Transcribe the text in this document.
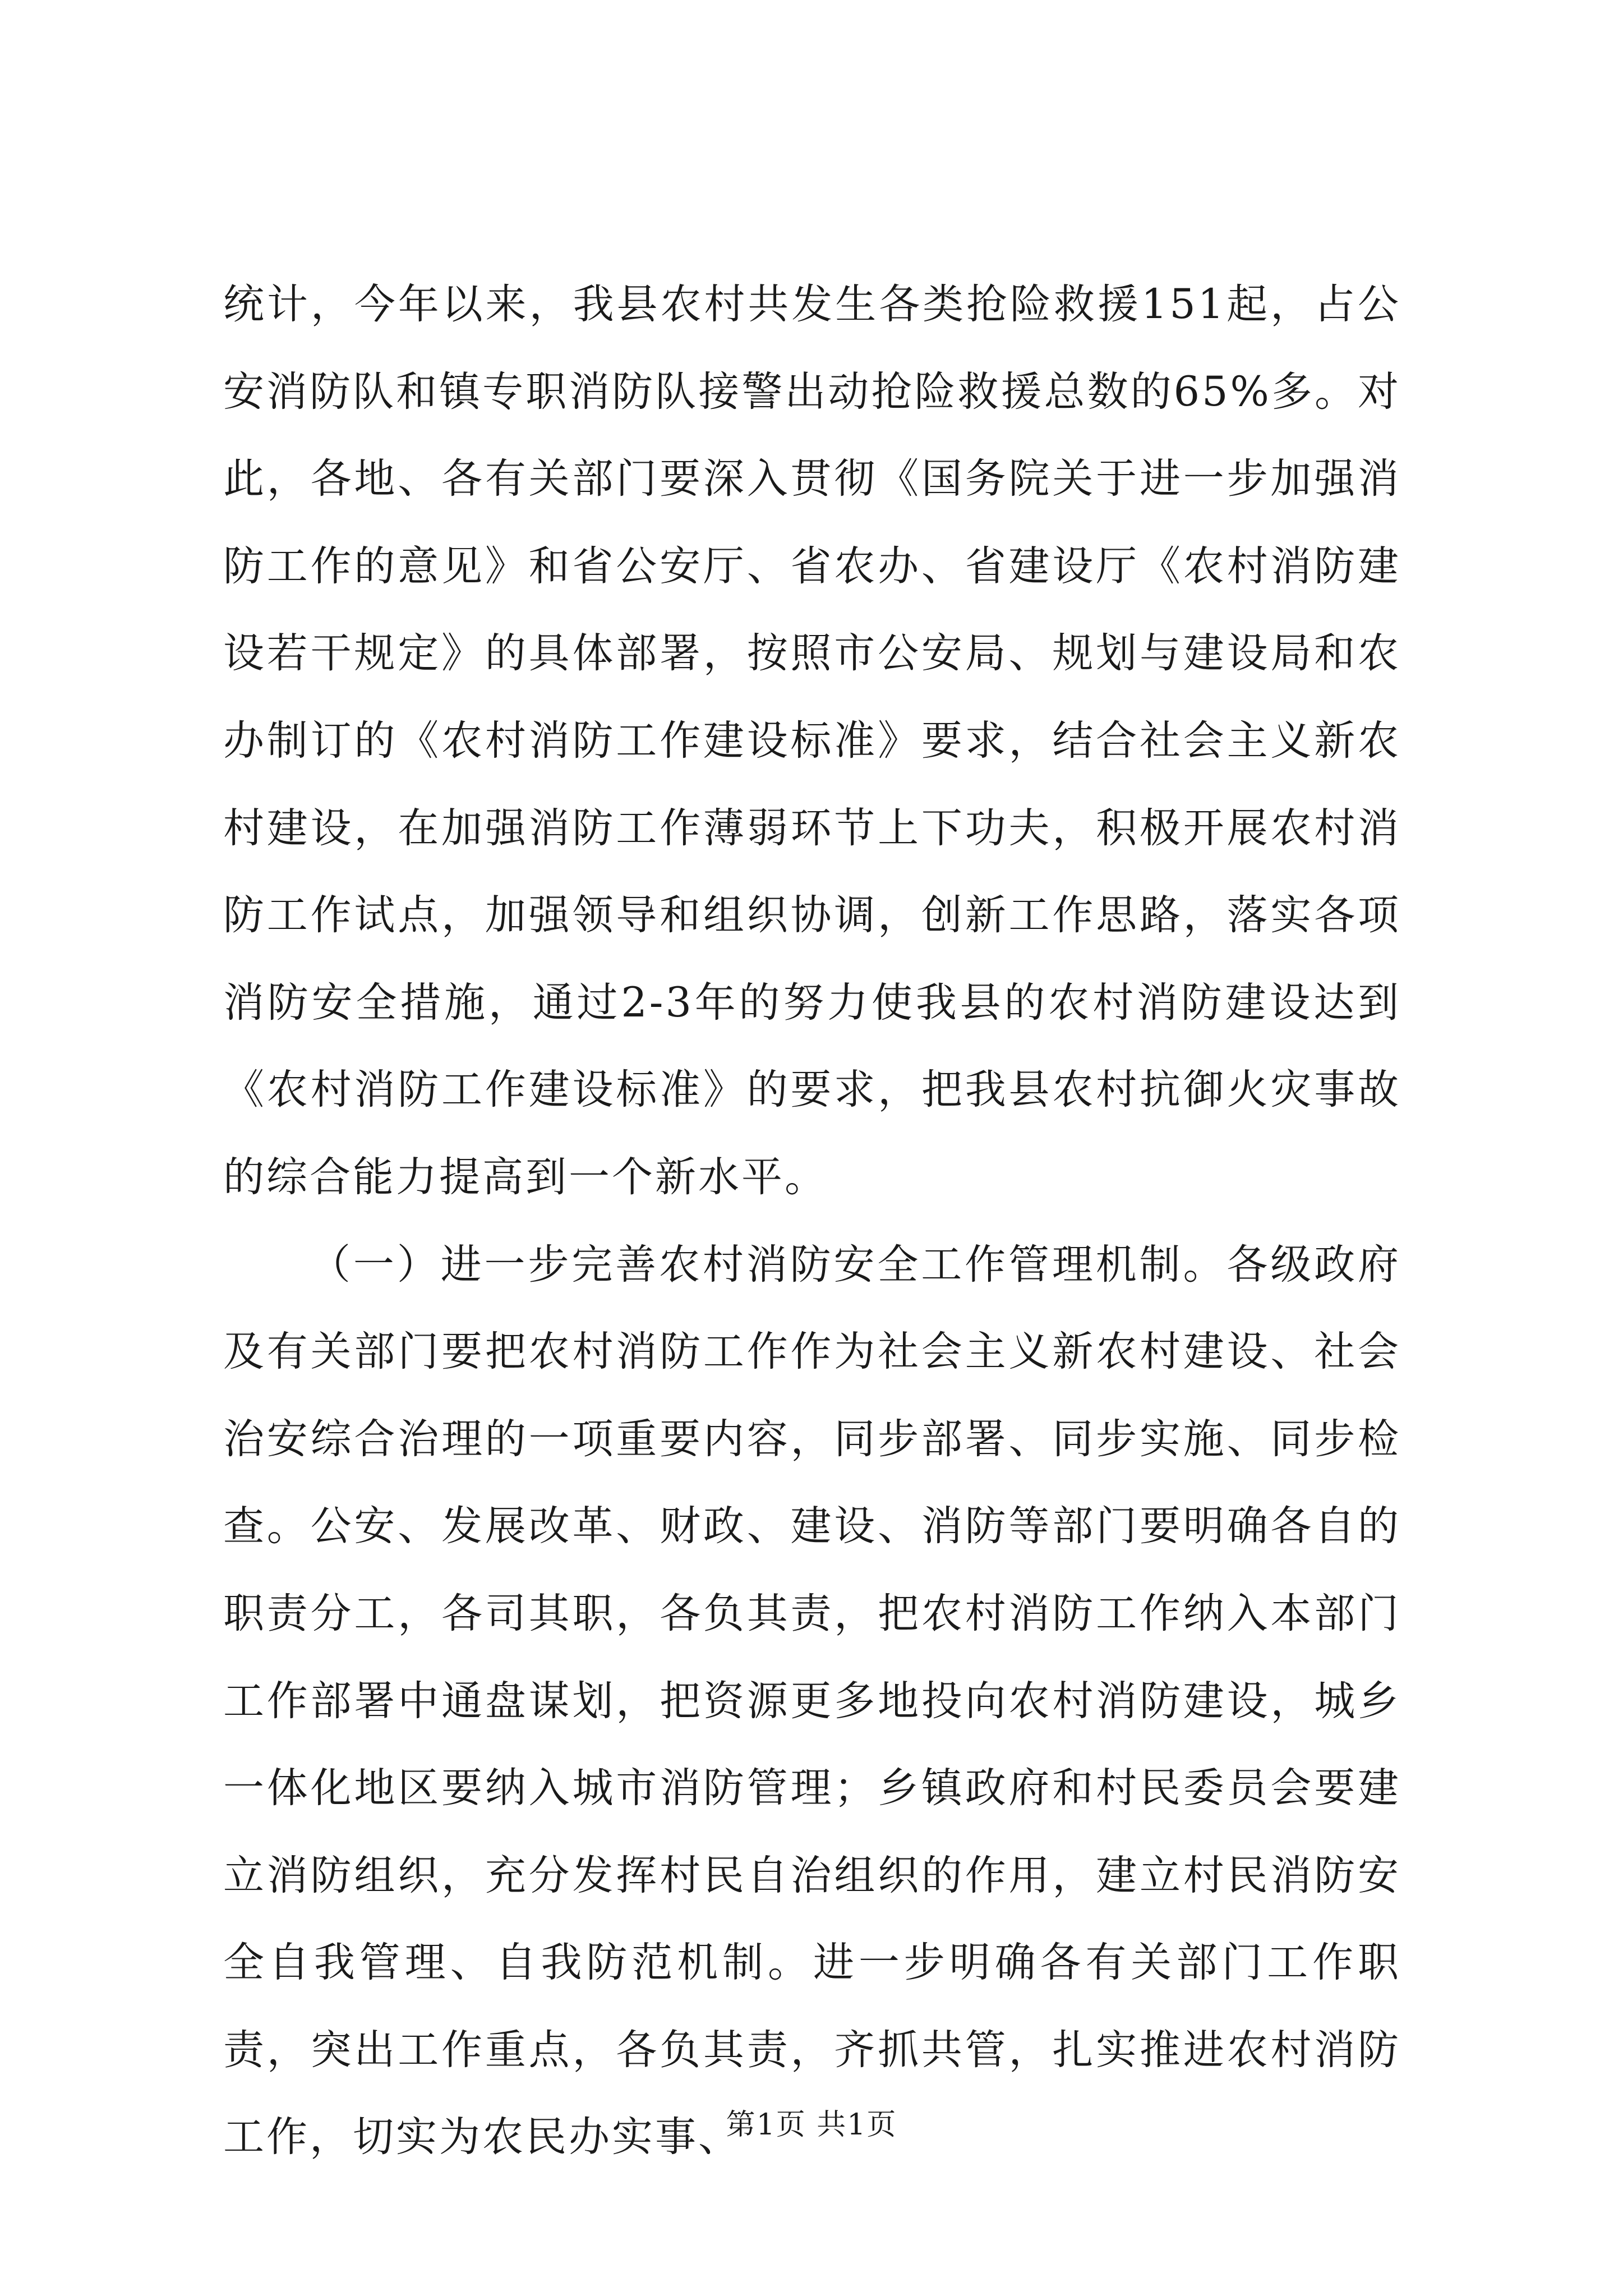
统计，今年以来，我县农村共发生各类抢险救援151起，占公安消防队和镇专职消防队接警出动抢险救援总数的65%多。对此，各地、各有关部门要深入贯彻《国务院关于进一步加强消防工作的意见》和省公安厅、省农办、省建设厅《农村消防建设若干规定》的具体部署，按照市公安局、规划与建设局和农办制订的《农村消防工作建设标准》要求，结合社会主义新农村建设，在加强消防工作薄弱环节上下功夫，积极开展农村消防工作试点，加强领导和组织协调，创新工作思路，落实各项消防安全措施，通过2-3年的努力使我县的农村消防建设达到《农村消防工作建设标准》的要求，把我县农村抗御火灾事故的综合能力提高到一个新水平。

（一）进一步完善农村消防安全工作管理机制。各级政府及有关部门要把农村消防工作作为社会主义新农村建设、社会治安综合治理的一项重要内容，同步部署、同步实施、同步检查。公安、发展改革、财政、建设、消防等部门要明确各自的职责分工，各司其职，各负其责，把农村消防工作纳入本部门工作部署中通盘谋划，把资源更多地投向农村消防建设，城乡一体化地区要纳入城市消防管理；乡镇政府和村民委员会要建立消防组织，充分发挥村民自治组织的作用，建立村民消防安全自我管理、自我防范机制。进一步明确各有关部门工作职责，突出工作重点，各负其责，齐抓共管，扎实推进农村消防工作，切实为农民办实事、

第1页 共1页
